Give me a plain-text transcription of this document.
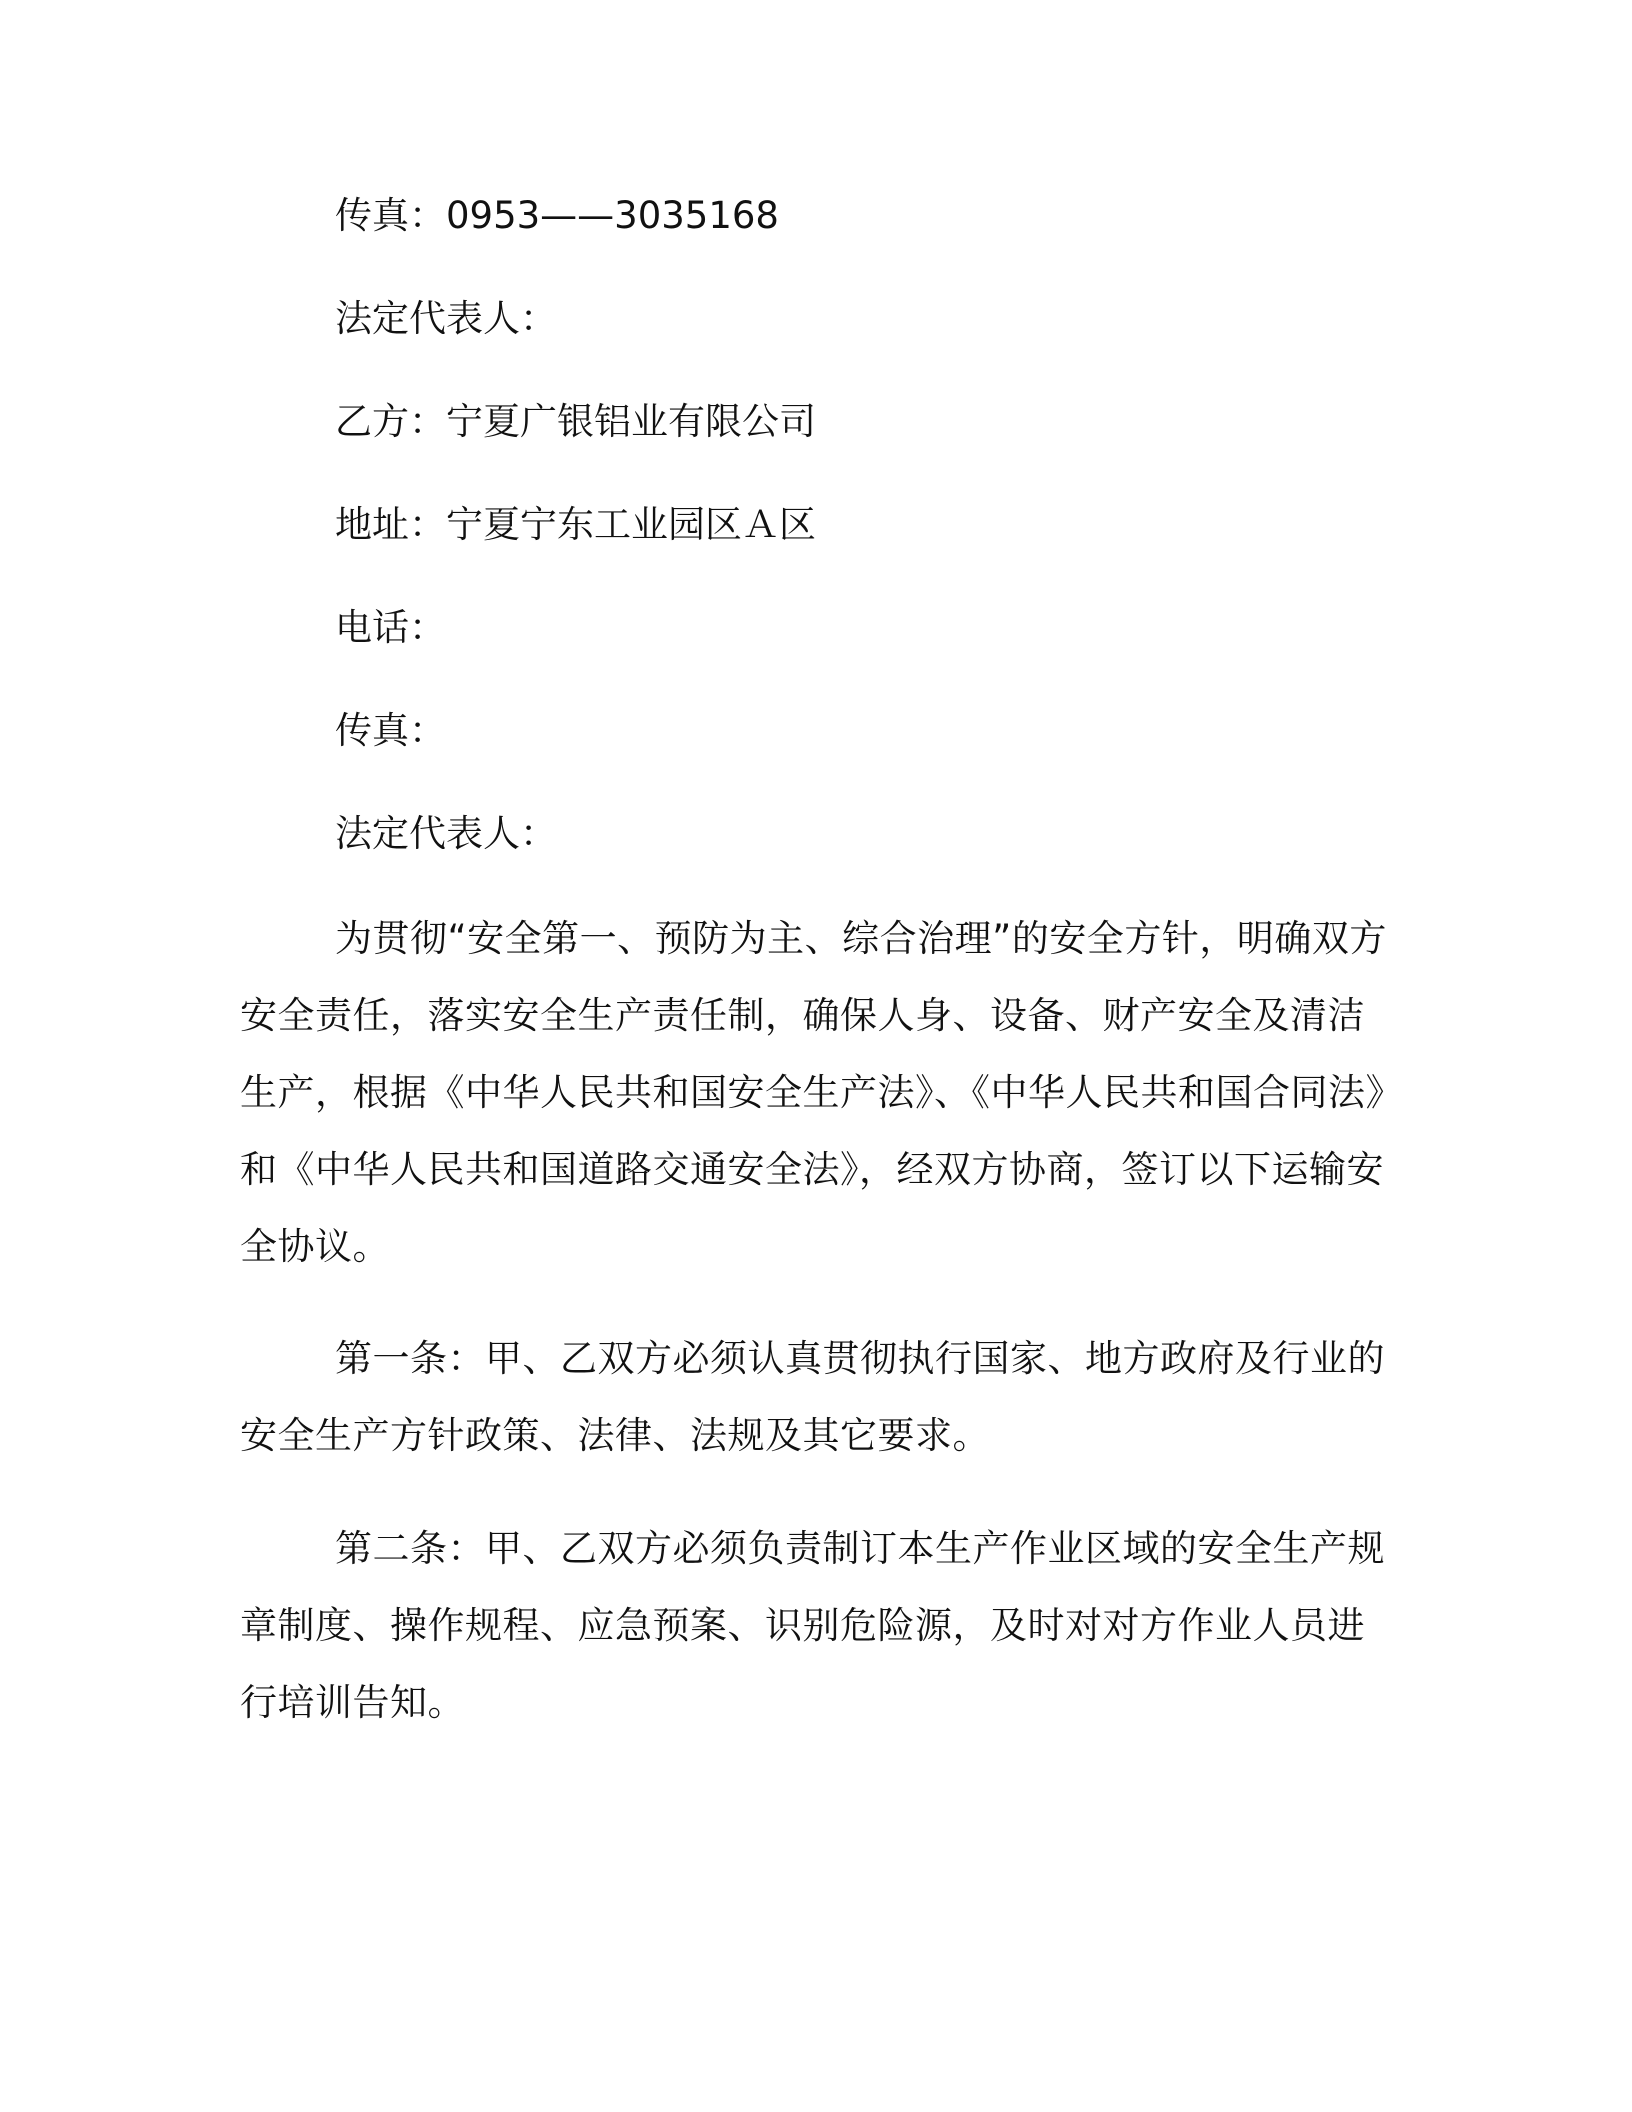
传真：0953——3035168

法定代表人：

乙方：宁夏广银铝业有限公司

地址：宁夏宁东工业园区Ａ区

电话：

传真：

法定代表人：

为贯彻“安全第一、预防为主、综合治理”的安全方针，明确双方安全责任，落实安全生产责任制，确保人身、设备、财产安全及清洁生产，根据《中华人民共和国安全生产法》、《中华人民共和国合同法》和《中华人民共和国道路交通安全法》，经双方协商，签订以下运输安全协议。

第一条：甲、乙双方必须认真贯彻执行国家、地方政府及行业的安全生产方针政策、法律、法规及其它要求。

第二条：甲、乙双方必须负责制订本生产作业区域的安全生产规章制度、操作规程、应急预案、识别危险源，及时对对方作业人员进行培训告知。
